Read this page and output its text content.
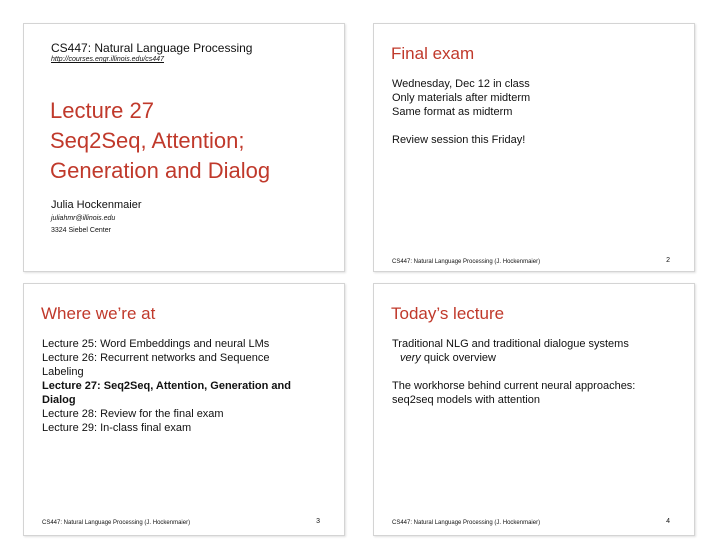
CS447: Natural Language Processing
http://courses.engr.illinois.edu/cs447
Lecture 27
Seq2Seq, Attention;
Generation and Dialog
Julia Hockenmaier
juliahmr@illinois.edu
3324 Siebel Center
Final exam
Wednesday, Dec 12 in class
Only materials after midterm
Same format as midterm
Review session this Friday!
CS447: Natural Language Processing (J. Hockenmaier)	2
Where we’re at
Lecture 25: Word Embeddings and neural LMs
Lecture 26: Recurrent networks and Sequence
Labeling
Lecture 27: Seq2Seq, Attention, Generation and
Dialog
Lecture 28: Review for the final exam
Lecture 29: In-class final exam
CS447: Natural Language Processing (J. Hockenmaier)	3
Today’s lecture
Traditional NLG and traditional dialogue systems
very quick overview
The workhorse behind current neural approaches:
seq2seq models with attention
CS447: Natural Language Processing (J. Hockenmaier)	4
